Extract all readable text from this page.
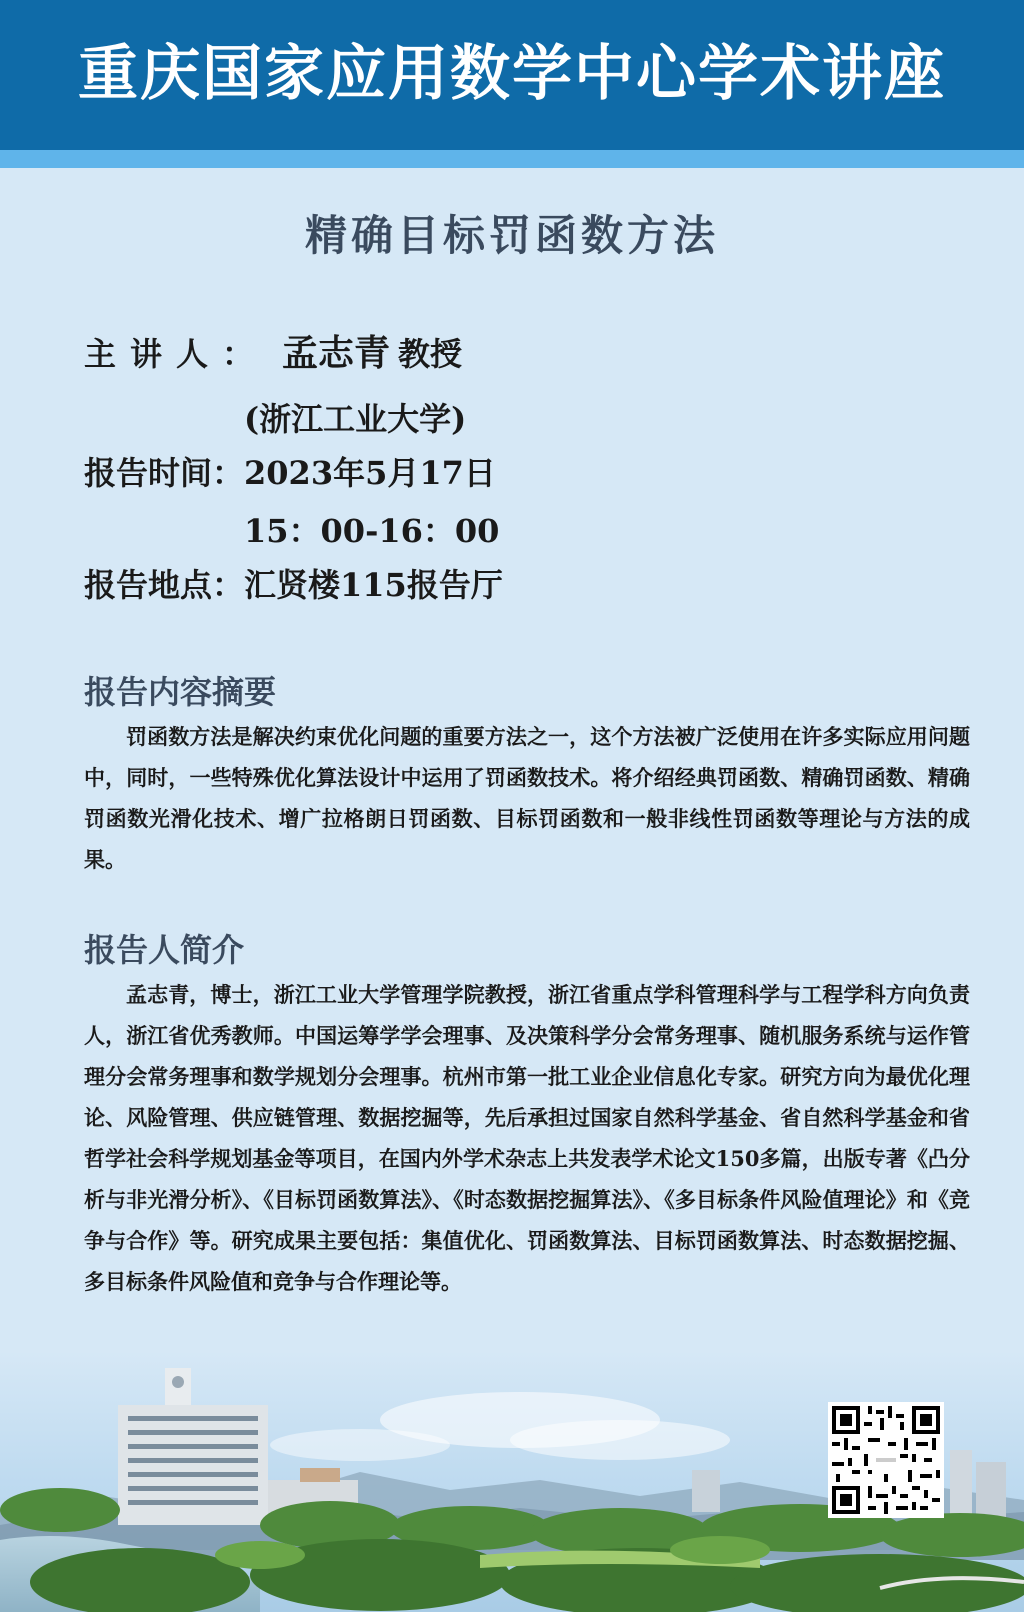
重庆国家应用数学中心学术讲座
精确目标罚函数方法
主讲人： 孟志青 教授
(浙江工业大学)
报告时间：2023年5月17日
15：00-16：00
报告地点：汇贤楼115报告厅
报告内容摘要
罚函数方法是解决约束优化问题的重要方法之一，这个方法被广泛使用在许多实际应用问题中，同时，一些特殊优化算法设计中运用了罚函数技术。将介绍经典罚函数、精确罚函数、精确罚函数光滑化技术、增广拉格朗日罚函数、目标罚函数和一般非线性罚函数等理论与方法的成果。
报告人简介
孟志青，博士，浙江工业大学管理学院教授，浙江省重点学科管理科学与工程学科方向负责人，浙江省优秀教师。中国运筹学学会理事、及决策科学分会常务理事、随机服务系统与运作管理分会常务理事和数学规划分会理事。杭州市第一批工业企业信息化专家。研究方向为最优化理论、风险管理、供应链管理、数据挖掘等，先后承担过国家自然科学基金、省自然科学基金和省哲学社会科学规划基金等项目，在国内外学术杂志上共发表学术论文150多篇，出版专著《凸分析与非光滑分析》、《目标罚函数算法》、《时态数据挖掘算法》、《多目标条件风险值理论》和《竞争与合作》等。研究成果主要包括：集值优化、罚函数算法、目标罚函数算法、时态数据挖掘、多目标条件风险值和竞争与合作理论等。
